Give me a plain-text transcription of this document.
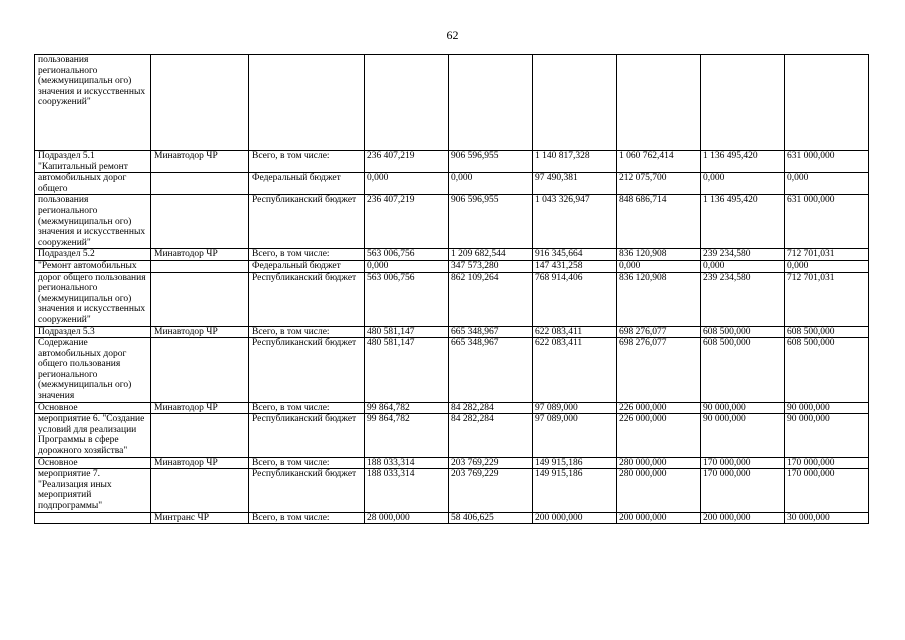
62
пользования регионального (межмуниципальн ого) значения и искусственных сооружений"								
Подраздел 5.1 "Капитальный ремонт	Минавтодор ЧР	Всего, в том числе:	236 407,219	906 596,955	1 140 817,328	1 060 762,414	1 136 495,420	631 000,000
автомобильных дорог общего		Федеральный бюджет	0,000	0,000	97 490,381	212 075,700	0,000	0,000
пользования регионального (межмуниципальн ого) значения и искусственных сооружений"		Республиканский бюджет	236 407,219	906 596,955	1 043 326,947	848 686,714	1 136 495,420	631 000,000
Подраздел 5.2	Минавтодор ЧР	Всего, в том числе:	563 006,756	1 209 682,544	916 345,664	836 120,908	239 234,580	712 701,031
"Ремонт автомобильных		Федеральный бюджет	0,000	347 573,280	147 431,258	0,000	0,000	0,000
дорог общего пользования регионального (межмуниципальн ого) значения и искусственных сооружений"		Республиканский бюджет	563 006,756	862 109,264	768 914,406	836 120,908	239 234,580	712 701,031
Подраздел 5.3	Минавтодор ЧР	Всего, в том числе:	480 581,147	665 348,967	622 083,411	698 276,077	608 500,000	608 500,000
Содержание автомобильных дорог общего пользования регионального (межмуниципальн ого) значения		Республиканский бюджет	480 581,147	665 348,967	622 083,411	698 276,077	608 500,000	608 500,000
Основное	Минавтодор ЧР	Всего, в том числе:	99 864,782	84 282,284	97 089,000	226 000,000	90 000,000	90 000,000
мероприятие 6. "Создание условий для реализации Программы в сфере дорожного хозяйства"		Республиканский бюджет	99 864,782	84 282,284	97 089,000	226 000,000	90 000,000	90 000,000
Основное	Минавтодор ЧР	Всего, в том числе:	188 033,314	203 769,229	149 915,186	280 000,000	170 000,000	170 000,000
мероприятие 7. "Реализация иных мероприятий подпрограммы"		Республиканский бюджет	188 033,314	203 769,229	149 915,186	280 000,000	170 000,000	170 000,000
	Минтранс ЧР	Всего, в том числе:	28 000,000	58 406,625	200 000,000	200 000,000	200 000,000	30 000,000
